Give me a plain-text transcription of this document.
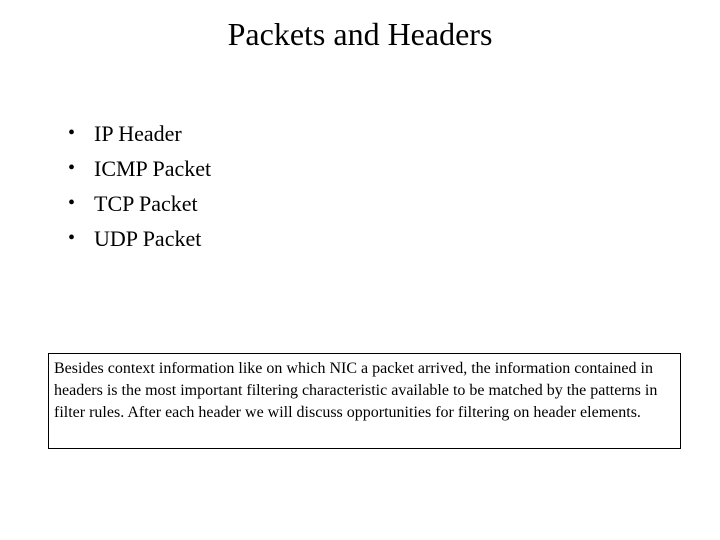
Packets and Headers
• IP Header
• ICMP Packet
• TCP Packet
• UDP Packet
Besides context information like on which NIC a packet arrived, the information contained in headers is the most important filtering characteristic available to be matched by the patterns in filter rules. After each header we will discuss opportunities for filtering on header elements.
